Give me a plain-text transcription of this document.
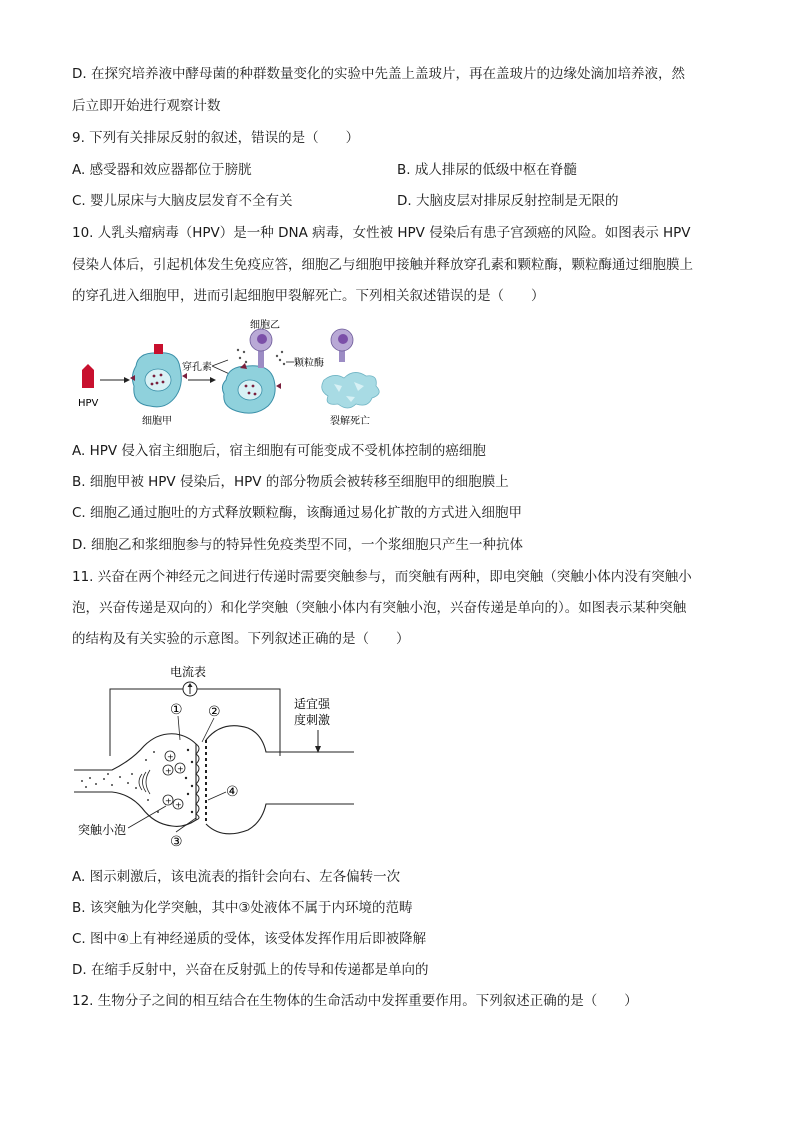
D. 在探究培养液中酵母菌的种群数量变化的实验中先盖上盖玻片，再在盖玻片的边缘处滴加培养液，然
后立即开始进行观察计数
9. 下列有关排尿反射的叙述，错误的是（　　）
A. 感受器和效应器都位于膀胱	B. 成人排尿的低级中枢在脊髓
C. 婴儿尿床与大脑皮层发育不全有关	D. 大脑皮层对排尿反射控制是无限的
10. 人乳头瘤病毒（HPV）是一种 DNA 病毒，女性被 HPV 侵染后有患子宫颈癌的风险。如图表示 HPV
侵染人体后，引起机体发生免疫应答，细胞乙与细胞甲接触并释放穿孔素和颗粒酶，颗粒酶通过细胞膜上
的穿孔进入细胞甲，进而引起细胞甲裂解死亡。下列相关叙述错误的是（　　）
HPV
细胞甲
穿孔素
细胞乙
颗粒酶
裂解死亡
A. HPV 侵入宿主细胞后，宿主细胞有可能变成不受机体控制的癌细胞
B. 细胞甲被 HPV 侵染后，HPV 的部分物质会被转移至细胞甲的细胞膜上
C. 细胞乙通过胞吐的方式释放颗粒酶，该酶通过易化扩散的方式进入细胞甲
D. 细胞乙和浆细胞参与的特异性免疫类型不同，一个浆细胞只产生一种抗体
11. 兴奋在两个神经元之间进行传递时需要突触参与，而突触有两种，即电突触（突触小体内没有突触小
泡，兴奋传递是双向的）和化学突触（突触小体内有突触小泡，兴奋传递是单向的）。如图表示某种突触
的结构及有关实验的示意图。下列叙述正确的是（　　）
电流表
适宜强
度刺激
+
+ +
+ +
① ②
③
④
突触小泡
A. 图示刺激后，该电流表的指针会向右、左各偏转一次
B. 该突触为化学突触，其中③处液体不属于内环境的范畴
C. 图中④上有神经递质的受体，该受体发挥作用后即被降解
D. 在缩手反射中，兴奋在反射弧上的传导和传递都是单向的
12. 生物分子之间的相互结合在生物体的生命活动中发挥重要作用。下列叙述正确的是（　　）
